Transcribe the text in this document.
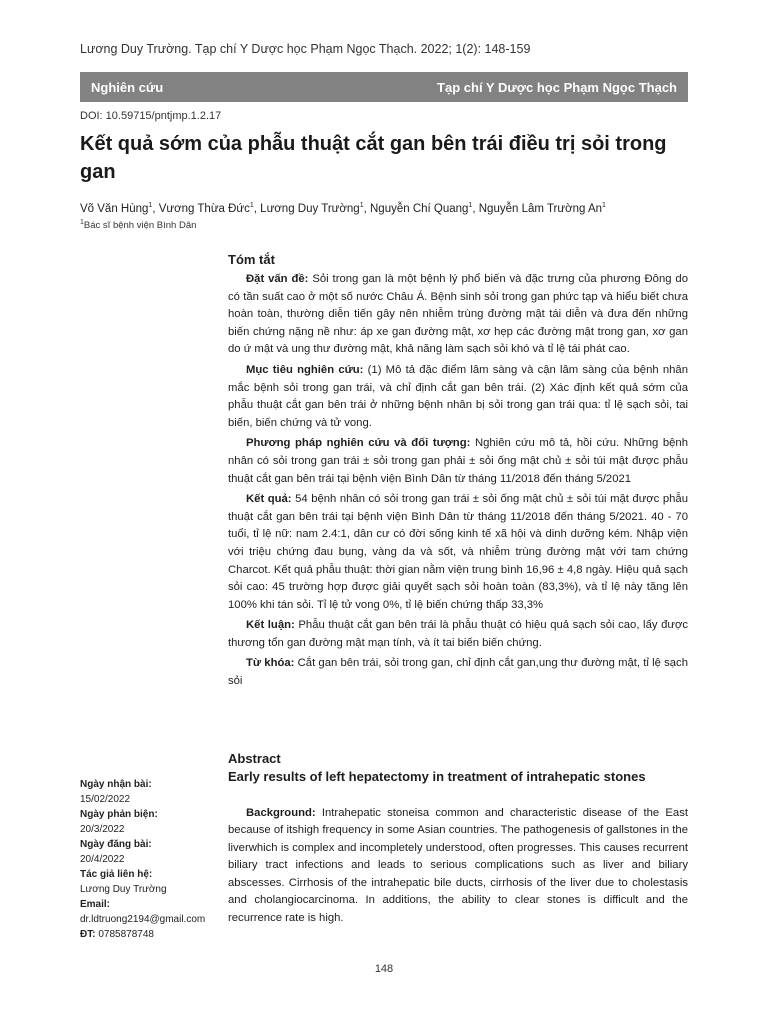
Lương Duy Trường. Tạp chí Y Dược học Phạm Ngọc Thạch. 2022; 1(2): 148-159
Nghiên cứu	Tạp chí Y Dược học Phạm Ngọc Thạch
DOI: 10.59715/pntjmp.1.2.17
Kết quả sớm của phẫu thuật cắt gan bên trái điều trị sỏi trong gan
Võ Văn Hùng$^1$, Vương Thừa Đức$^1$, Lương Duy Trường$^1$, Nguyễn Chí Quang$^1$, Nguyễn Lâm Trường An$^1$
$^1$Bác sĩ bệnh viện Bình Dân
Tóm tắt

Đặt vấn đề: Sỏi trong gan là một bệnh lý phổ biến và đặc trưng của phương Đông do có tần suất cao ở một số nước Châu Á. Bệnh sinh sỏi trong gan phức tạp và hiểu biết chưa hoàn toàn, thường diễn tiến gây nên nhiễm trùng đường mật tái diễn và đưa đến những biến chứng nặng nề như: áp xe gan đường mật, xơ hẹp các đường mật trong gan, xơ gan do ứ mật và ung thư đường mật, khả năng làm sạch sỏi khó và tỉ lệ tái phát cao.

Mục tiêu nghiên cứu: (1) Mô tả đặc điểm lâm sàng và cận lâm sàng của bệnh nhân mắc bệnh sỏi trong gan trái, và chỉ định cắt gan bên trái. (2) Xác định kết quả sớm của phẫu thuật cắt gan bên trái ở những bệnh nhân bị sỏi trong gan trái qua: tỉ lệ sạch sỏi, tai biến, biến chứng và tử vong.

Phương pháp nghiên cứu và đối tượng: Nghiên cứu mô tả, hồi cứu. Những bệnh nhân có sỏi trong gan trái ± sỏi trong gan phải ± sỏi ống mật chủ ± sỏi túi mật được phẫu thuật cắt gan bên trái tại bệnh viện Bình Dân từ tháng 11/2018 đến tháng 5/2021

Kết quả: 54 bệnh nhân có sỏi trong gan trái ± sỏi ống mật chủ ± sỏi túi mật được phẫu thuật cắt gan bên trái tại bệnh viện Bình Dân từ tháng 11/2018 đến tháng 5/2021. 40 - 70 tuổi, tỉ lệ nữ: nam 2.4:1, dân cư có đời sống kinh tế xã hội và dinh dưỡng kém. Nhập viện với triệu chứng đau bụng, vàng da và sốt, và nhiễm trùng đường mật với tam chứng Charcot. Kết quả phẫu thuật: thời gian nằm viện trung bình 16,96 ± 4,8 ngày. Hiệu quả sạch sỏi cao: 45 trường hợp được giải quyết sạch sỏi hoàn toàn (83,3%), và tỉ lệ này tăng lên 100% khi tán sỏi. Tỉ lệ tử vong 0%, tỉ lệ biến chứng thấp 33,3%

Kết luận: Phẫu thuật cắt gan bên trái là phẫu thuật có hiệu quả sạch sỏi cao, lấy được thương tổn gan đường mật mạn tính, và ít tai biến biến chứng.

Từ khóa: Cắt gan bên trái, sỏi trong gan, chỉ định cắt gan,ung thư đường mật, tỉ lệ sạch sỏi

Abstract
Early results of left hepatectomy in treatment of intrahepatic stones

Background: Intrahepatic stoneisa common and characteristic disease of the East because of itshigh frequency in some Asian countries. The pathogenesis of gallstones in the liverwhich is complex and incompletely understood, often progresses. This causes recurrent biliary tract infections and leads to serious complications such as liver and biliary abscesses. Cirrhosis of the intrahepatic bile ducts, cirrhosis of the liver due to cholestasis and cholangiocarcinoma. In additions, the ability to clear stones is difficult and the recurrence rate is high.

Ngày nhận bài:
15/02/2022
Ngày phản biện:
20/3/2022
Ngày đăng bài:
20/4/2022
Tác giả liên hệ:
Lương Duy Trường
Email:
dr.ldtruong2194@gmail.com
ĐT: 0785878748
148
